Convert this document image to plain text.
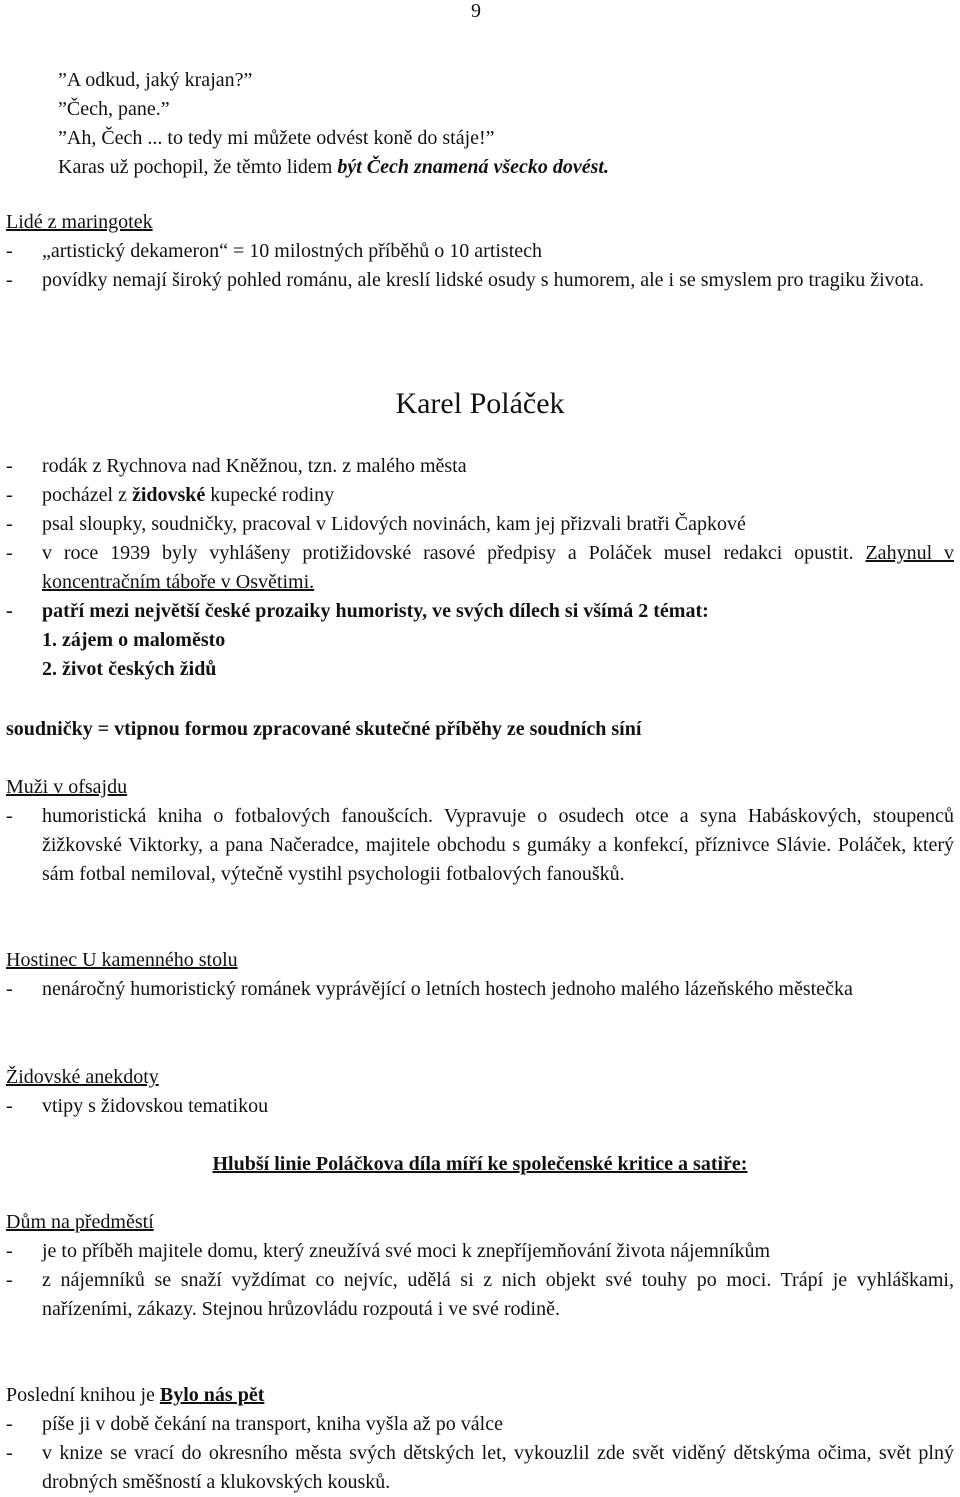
9
”A odkud, jaký krajan?”
”Čech, pane.”
”Ah, Čech ... to tedy mi můžete odvést koně do stáje!”
Karas už pochopil, že těmto lidem být Čech znamená všecko dovést.
Lidé z maringotek
-	„artistický dekameron“ = 10 milostných příběhů o 10 artistech
-	povídky nemají široký pohled románu, ale kreslí lidské osudy s humorem, ale i se smyslem pro tragiku života.
Karel Poláček
-	rodák z Rychnova nad Kněžnou, tzn. z malého města
-	pocházel z židovské kupecké rodiny
-	psal sloupky, soudničky, pracoval v Lidových novinách, kam jej přizvali bratři Čapkové
-	v roce 1939 byly vyhlášeny protižidovské rasové předpisy a Poláček musel redakci opustit. Zahynul v koncentračním táboře v Osvětimi.
-	patří mezi největší české prozaiky humoristy, ve svých dílech si všímá 2 témat:
1. zájem o maloměsto
2. život českých židů
soudničky = vtipnou formou zpracované skutečné příběhy ze soudních síní
Muži v ofsajdu
-	humoristická kniha o fotbalových fanoušcích. Vypravuje o osudech otce a syna Habáskových, stoupenců žižkovské Viktorky, a pana Načeradce, majitele obchodu s gumáky a konfekcí, příznivce Slávie. Poláček, který sám fotbal nemiloval, výtečně vystihl psychologii fotbalových fanoušků.
Hostinec U kamenného stolu
-	nenáročný humoristický románek vyprávějící o letních hostech jednoho malého lázeňského městečka
Židovské anekdoty
-	vtipy s židovskou tematikou
Hlubší linie Poláčkova díla míří ke společenské kritice a satiře:
Dům na předměstí
-	je to příběh majitele domu, který zneužívá své moci k znepříjemňování života nájemníkům
-	z nájemníků se snaží vyždímat co nejvíc, udělá si z nich objekt své touhy po moci. Trápí je vyhláškami, nařízeními, zákazy. Stejnou hrůzovládu rozpoutá i ve své rodině.
Poslední knihou je Bylo nás pět
-	píše ji v době čekání na transport, kniha vyšla až po válce
-	v knize se vrací do okresního města svých dětských let, vykouzlil zde svět viděný dětskýma očima, svět plný drobných směšností a klukovských kousků.
